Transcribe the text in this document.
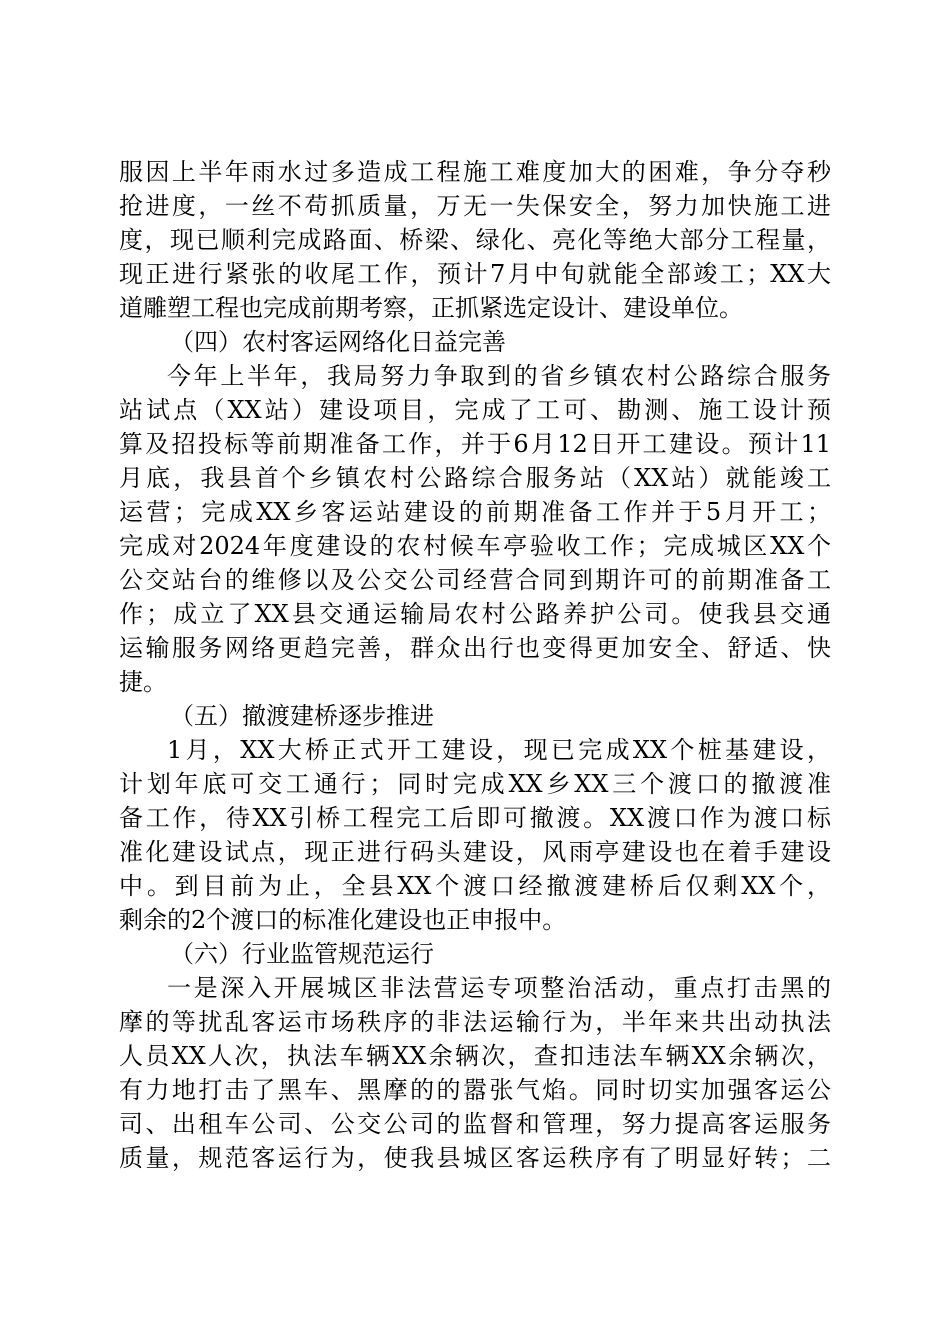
服因上半年雨水过多造成工程施工难度加大的困难，争分夺秒
抢进度，一丝不苟抓质量，万无一失保安全，努力加快施工进
度，现已顺利完成路面、桥梁、绿化、亮化等绝大部分工程量，
现正进行紧张的收尾工作，预计7月中旬就能全部竣工；XX大
道雕塑工程也完成前期考察，正抓紧选定设计、建设单位。
（四）农村客运网络化日益完善
今年上半年，我局努力争取到的省乡镇农村公路综合服务
站试点（XX站）建设项目，完成了工可、勘测、施工设计预
算及招投标等前期准备工作，并于6月12日开工建设。预计11
月底，我县首个乡镇农村公路综合服务站（XX站）就能竣工
运营；完成XX乡客运站建设的前期准备工作并于5月开工；
完成对2024年度建设的农村候车亭验收工作；完成城区XX个
公交站台的维修以及公交公司经营合同到期许可的前期准备工
作；成立了XX县交通运输局农村公路养护公司。使我县交通
运输服务网络更趋完善，群众出行也变得更加安全、舒适、快
捷。
（五）撤渡建桥逐步推进
1月，XX大桥正式开工建设，现已完成XX个桩基建设，
计划年底可交工通行；同时完成XX乡XX三个渡口的撤渡准
备工作，待XX引桥工程完工后即可撤渡。XX渡口作为渡口标
准化建设试点，现正进行码头建设，风雨亭建设也在着手建设
中。到目前为止，全县XX个渡口经撤渡建桥后仅剩XX个，
剩余的2个渡口的标准化建设也正申报中。
（六）行业监管规范运行
一是深入开展城区非法营运专项整治活动，重点打击黑的
摩的等扰乱客运市场秩序的非法运输行为，半年来共出动执法
人员XX人次，执法车辆XX余辆次，查扣违法车辆XX余辆次，
有力地打击了黑车、黑摩的的嚣张气焰。同时切实加强客运公
司、出租车公司、公交公司的监督和管理，努力提高客运服务
质量，规范客运行为，使我县城区客运秩序有了明显好转；二
